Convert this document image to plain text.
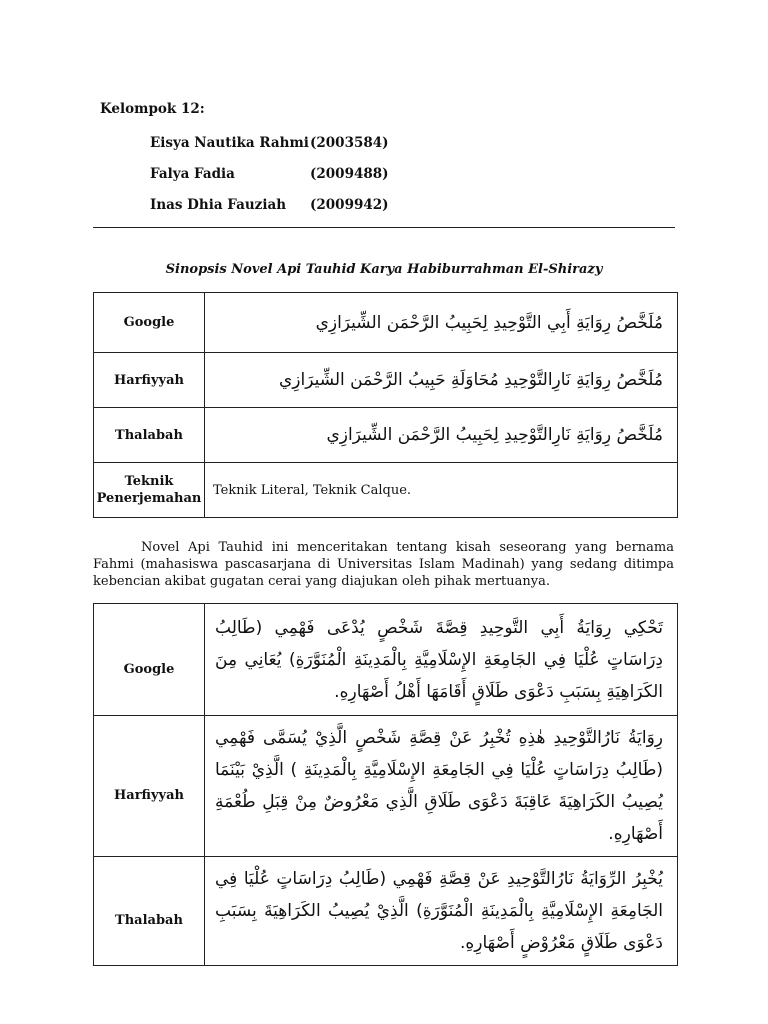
Kelompok 12:
Eisya Nautika Rahmi (2003584)
Falya Fadia	(2009488)
Inas Dhia Fauziah (2009942)
Sinopsis Novel Api Tauhid Karya Habiburrahman El-Shirazy
Google	مُلَخَّصُ رِوَايَةِ أَبِي التَّوْحِيدِ لِحَبِيبُ الرَّحْمَن الشِّيرَازِي
Harfiyyah	مُلَخَّصُ رِوَايَةِ نَارِالتَّوْحِيدِ مُحَاوَلَةِ حَبِيبُ الرَّحْمَن الشِّيرَازِي
Thalabah	مُلَخَّصُ رِوَايَةِ نَارِالتَّوْحِيدِ لِحَبِيبُ الرَّحْمَن الشِّيرَازِي
Teknik Penerjemahan	Teknik Literal, Teknik Calque.
Novel Api Tauhid ini menceritakan tentang kisah seseorang yang bernama Fahmi (mahasiswa pascasarjana di Universitas Islam Madinah) yang sedang ditimpa kebencian akibat gugatan cerai yang diajukan oleh pihak mertuanya.
Google	تَحْكِي رِوَايَةُ أَبِي التَّوحِيدِ قِصَّةَ شَخْصٍ يُدْعَى فَهْمِي (طَالِبُ دِرَاسَاتٍ عُلْيَا فِي الجَامِعَةِ الإِسْلَامِيَّةِ بِالْمَدِينَةِ الْمُنَوَّرَةِ) يُعَانِي مِنَ الكَرَاهِيَةِ بِسَبَبِ دَعْوَى طَلَاقٍ أَقَامَهَا أَهْلُ أَصْهَارِهِ.
Harfiyyah	رِوَايَةُ نَارُالتَّوْحِيدِ هٰذِهِ تُخْبِرُ عَنْ قِصَّةِ شَخْصٍ الَّذِيْ يُسَمَّى فَهْمِي (طَالِبُ دِرَاسَاتٍ عُلْيَا فِي الجَامِعَةِ الإِسْلَامِيَّةِ بِالْمَدِينَةِ ) الَّذِيْ بَيْنَمَا يُصِيبُ الكَرَاهِيَةَ عَاقِبَةَ دَعْوَى طَلَاقِ الَّذِي مَعْرُوضٌ مِنْ قِبَلِ طُعْمَةِ أَصْهَارِهِ.
Thalabah	يُخْبِرُ الرِّوَايَةُ نَارُالتَّوْحِيدِ عَنْ قِصَّةِ فَهْمِي (طَالِبُ دِرَاسَاتٍ عُلْيَا فِي الجَامِعَةِ الإِسْلَامِيَّةِ بِالْمَدِينَةِ الْمُنَوَّرَةِ) الَّذِيْ يُصِيبُ الكَرَاهِيَةَ بِسَبَبِ دَعْوَى طَلَاقٍ مَعْرُوْضٍ أَصْهَارِهِ.
